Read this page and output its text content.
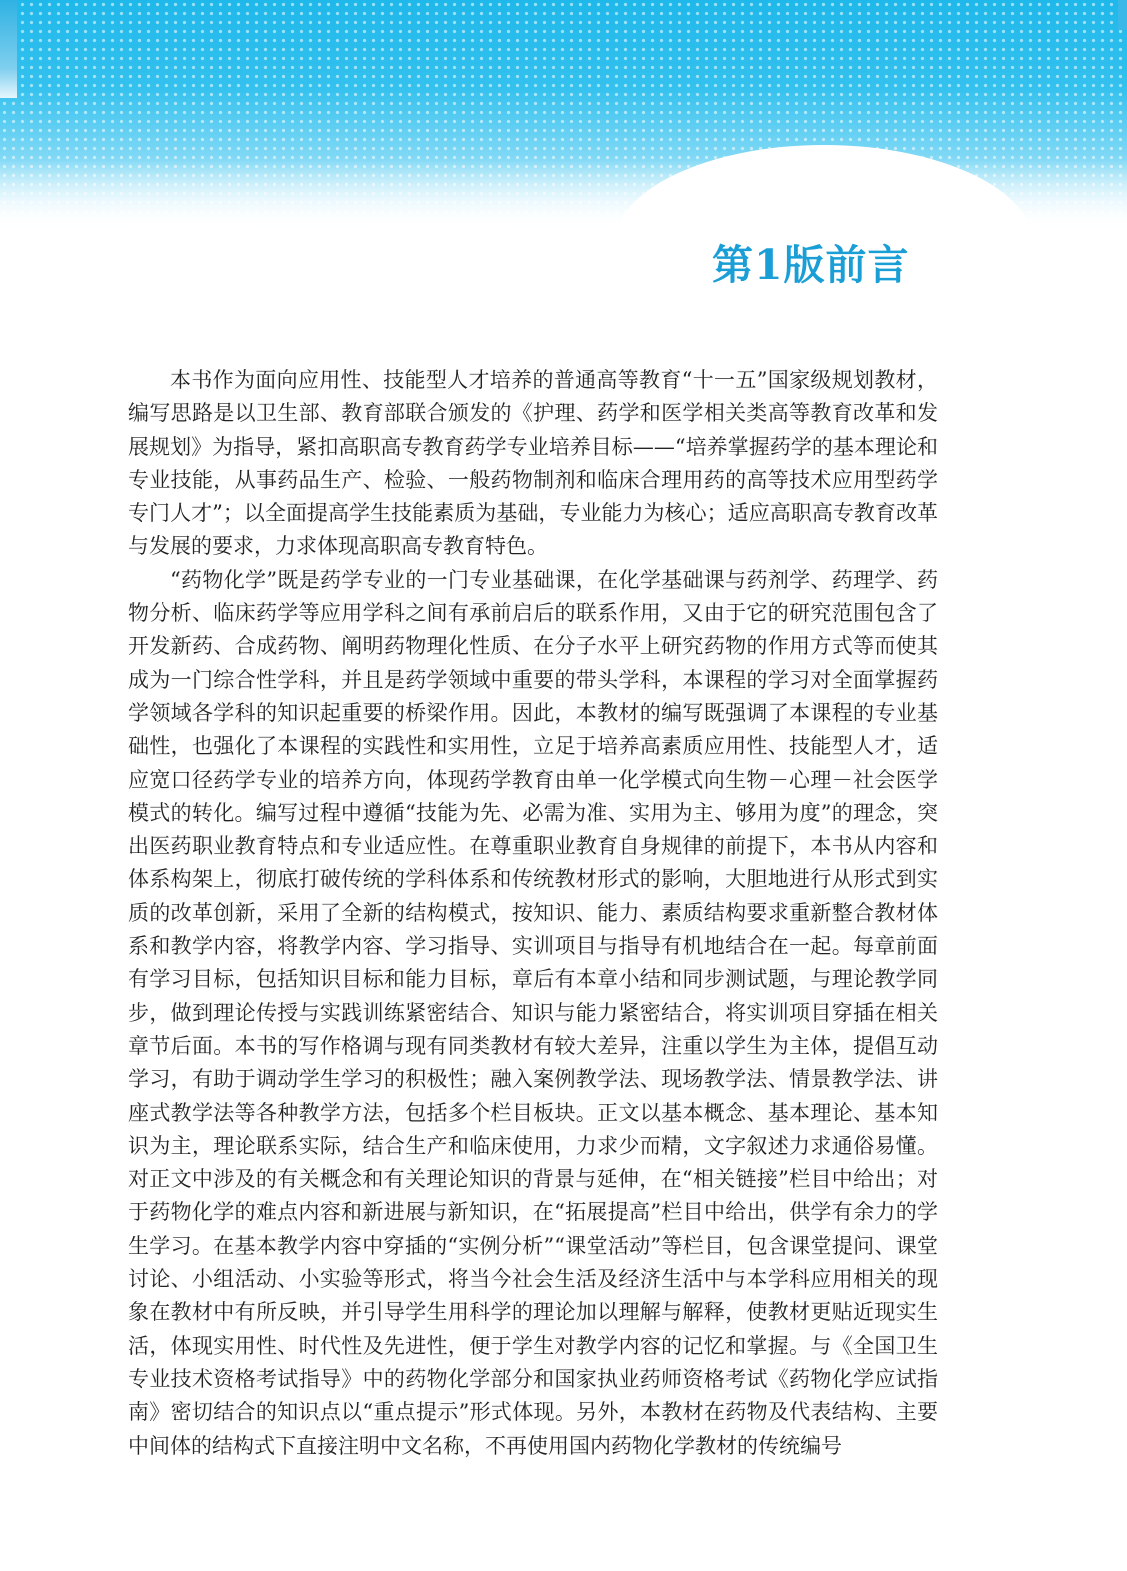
第1版前言

本书作为面向应用性、技能型人才培养的普通高等教育“十一五”国家级规划教材，编写思路是以卫生部、教育部联合颁发的《护理、药学和医学相关类高等教育改革和发展规划》为指导，紧扣高职高专教育药学专业培养目标——“培养掌握药学的基本理论和专业技能，从事药品生产、检验、一般药物制剂和临床合理用药的高等技术应用型药学专门人才”；以全面提高学生技能素质为基础，专业能力为核心；适应高职高专教育改革与发展的要求，力求体现高职高专教育特色。

“药物化学”既是药学专业的一门专业基础课，在化学基础课与药剂学、药理学、药物分析、临床药学等应用学科之间有承前启后的联系作用，又由于它的研究范围包含了开发新药、合成药物、阐明药物理化性质、在分子水平上研究药物的作用方式等而使其成为一门综合性学科，并且是药学领域中重要的带头学科，本课程的学习对全面掌握药学领域各学科的知识起重要的桥梁作用。因此，本教材的编写既强调了本课程的专业基础性，也强化了本课程的实践性和实用性，立足于培养高素质应用性、技能型人才，适应宽口径药学专业的培养方向，体现药学教育由单一化学模式向生物－心理－社会医学模式的转化。编写过程中遵循“技能为先、必需为准、实用为主、够用为度”的理念，突出医药职业教育特点和专业适应性。在尊重职业教育自身规律的前提下，本书从内容和体系构架上，彻底打破传统的学科体系和传统教材形式的影响，大胆地进行从形式到实质的改革创新，采用了全新的结构模式，按知识、能力、素质结构要求重新整合教材体系和教学内容，将教学内容、学习指导、实训项目与指导有机地结合在一起。每章前面有学习目标，包括知识目标和能力目标，章后有本章小结和同步测试题，与理论教学同步，做到理论传授与实践训练紧密结合、知识与能力紧密结合，将实训项目穿插在相关章节后面。本书的写作格调与现有同类教材有较大差异，注重以学生为主体，提倡互动学习，有助于调动学生学习的积极性；融入案例教学法、现场教学法、情景教学法、讲座式教学法等各种教学方法，包括多个栏目板块。正文以基本概念、基本理论、基本知识为主，理论联系实际，结合生产和临床使用，力求少而精，文字叙述力求通俗易懂。对正文中涉及的有关概念和有关理论知识的背景与延伸，在“相关链接”栏目中给出；对于药物化学的难点内容和新进展与新知识，在“拓展提高”栏目中给出，供学有余力的学生学习。在基本教学内容中穿插的“实例分析”“课堂活动”等栏目，包含课堂提问、课堂讨论、小组活动、小实验等形式，将当今社会生活及经济生活中与本学科应用相关的现象在教材中有所反映，并引导学生用科学的理论加以理解与解释，使教材更贴近现实生活，体现实用性、时代性及先进性，便于学生对教学内容的记忆和掌握。与《全国卫生专业技术资格考试指导》中的药物化学部分和国家执业药师资格考试《药物化学应试指南》密切结合的知识点以“重点提示”形式体现。另外，本教材在药物及代表结构、主要中间体的结构式下直接注明中文名称，不再使用国内药物化学教材的传统编号
